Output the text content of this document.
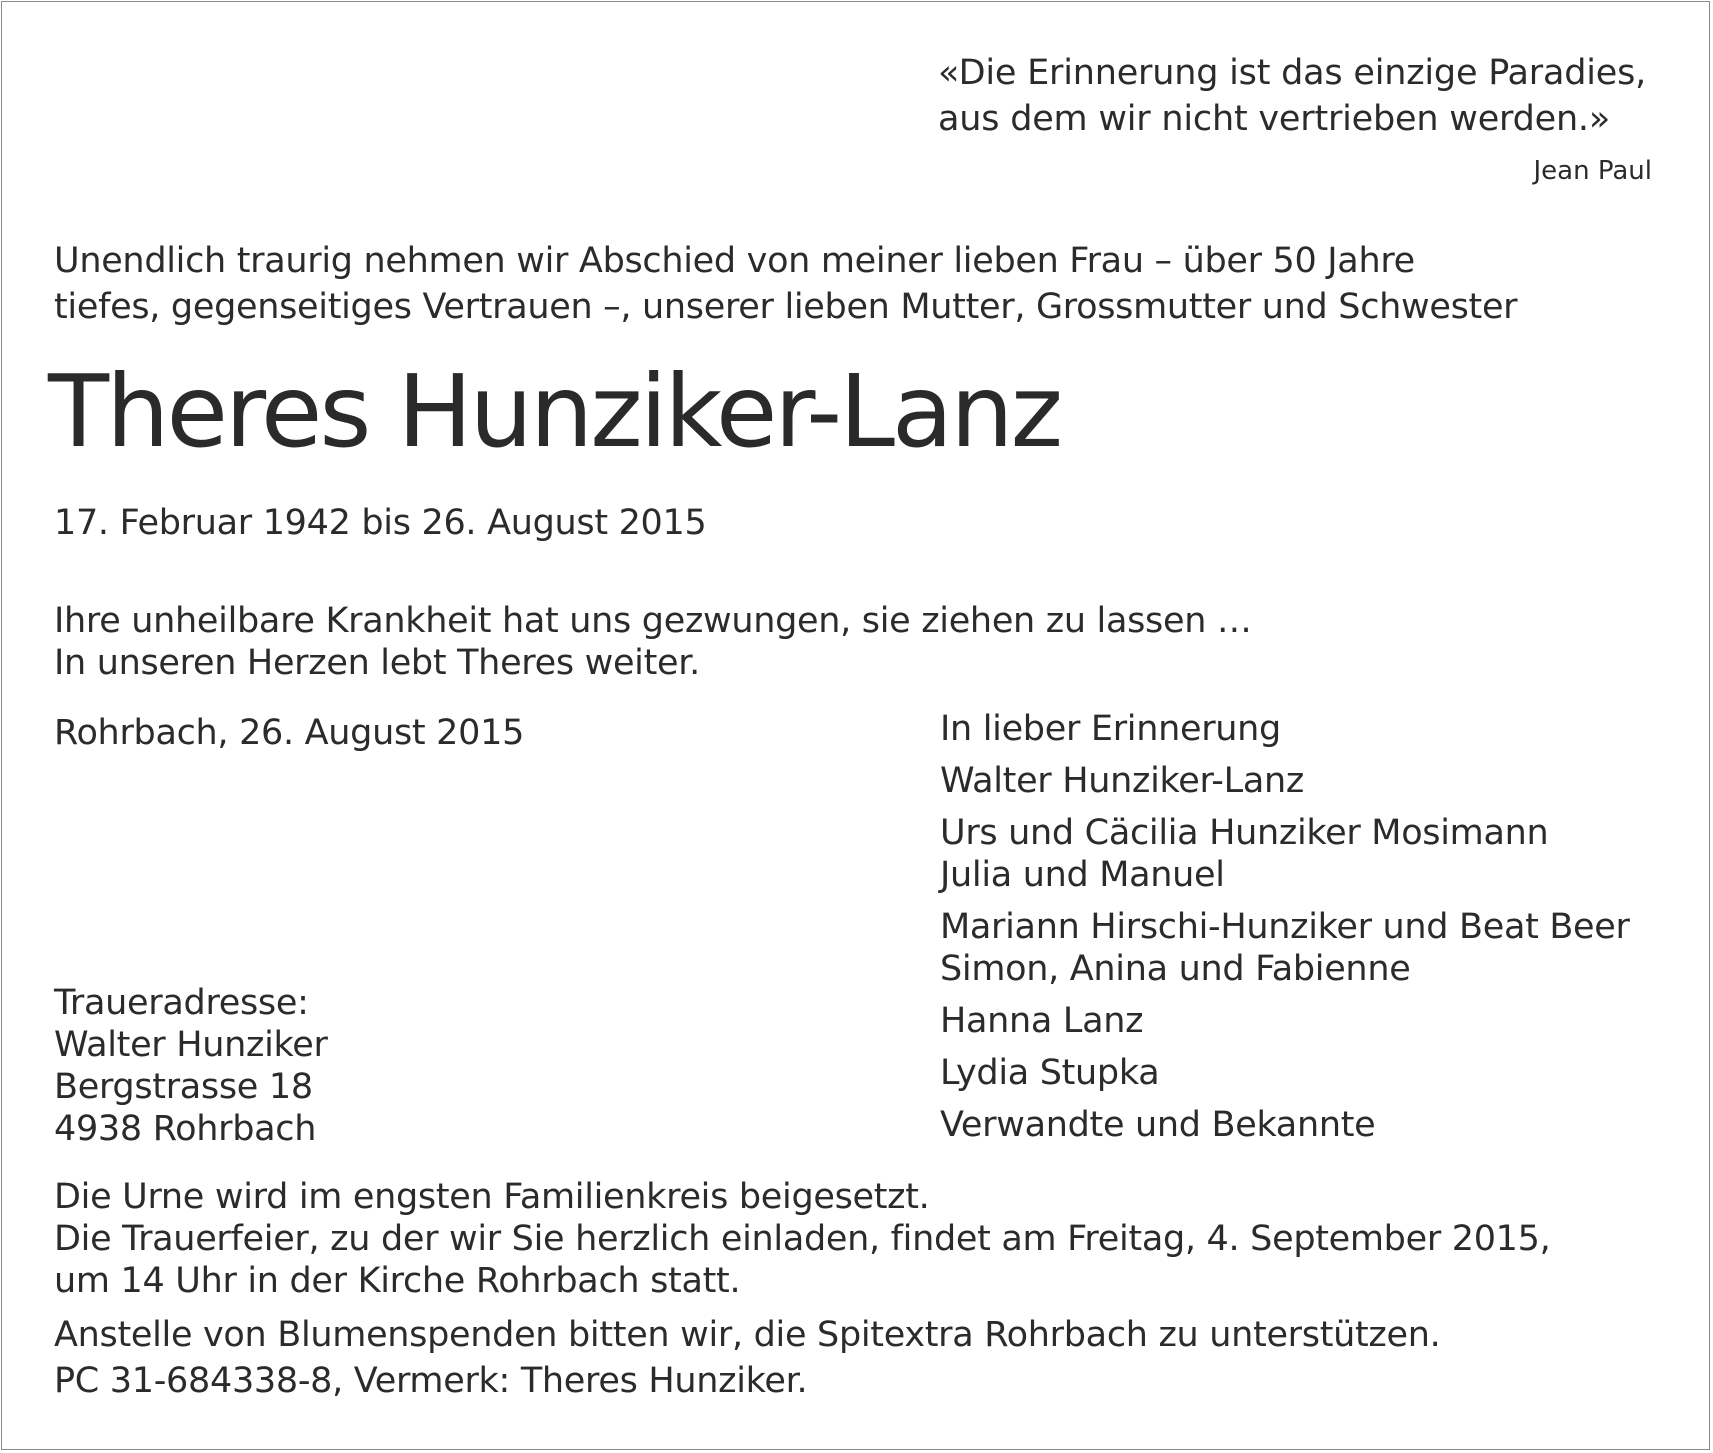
«Die Erinnerung ist das einzige Paradies,
aus dem wir nicht vertrieben werden.»
Jean Paul
Unendlich traurig nehmen wir Abschied von meiner lieben Frau – über 50 Jahre
tiefes, gegenseitiges Vertrauen –, unserer lieben Mutter, Grossmutter und Schwester
Theres Hunziker-Lanz
17. Februar 1942 bis 26. August 2015
Ihre unheilbare Krankheit hat uns gezwungen, sie ziehen zu lassen …
In unseren Herzen lebt Theres weiter.
Rohrbach, 26. August 2015	In lieber Erinnerung
Walter Hunziker-Lanz
Urs und Cäcilia Hunziker Mosimann
Julia und Manuel
Mariann Hirschi-Hunziker und Beat Beer
Simon, Anina und Fabienne
Hanna Lanz
Lydia Stupka
Verwandte und Bekannte
Traueradresse:
Walter Hunziker
Bergstrasse 18
4938 Rohrbach
Die Urne wird im engsten Familienkreis beigesetzt.
Die Trauerfeier, zu der wir Sie herzlich einladen, findet am Freitag, 4. September 2015,
um 14 Uhr in der Kirche Rohrbach statt.
Anstelle von Blumenspenden bitten wir, die Spitextra Rohrbach zu unterstützen.
PC 31-684338-8, Vermerk: Theres Hunziker.
